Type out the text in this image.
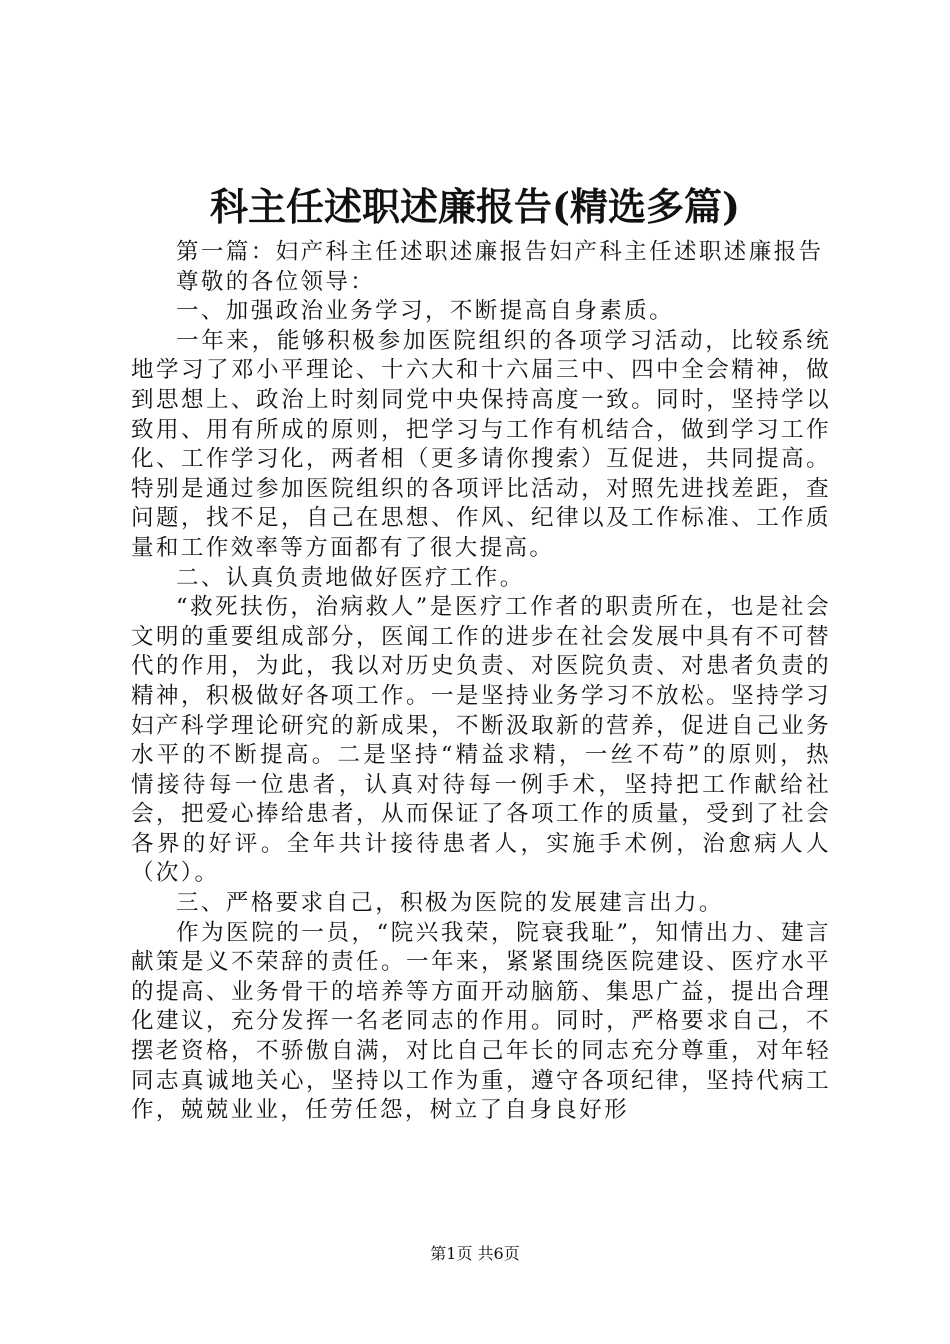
科主任述职述廉报告(精选多篇)

第一篇：妇产科主任述职述廉报告妇产科主任述职述廉报告

尊敬的各位领导：

一、加强政治业务学习，不断提高自身素质。

一年来，能够积极参加医院组织的各项学习活动，比较系统地学习了邓小平理论、十六大和十六届三中、四中全会精神，做到思想上、政治上时刻同党中央保持高度一致。同时，坚持学以致用、用有所成的原则，把学习与工作有机结合，做到学习工作化、工作学习化，两者相（更多请你搜索）互促进，共同提高。特别是通过参加医院组织的各项评比活动，对照先进找差距，查问题，找不足，自己在思想、作风、纪律以及工作标准、工作质量和工作效率等方面都有了很大提高。

二、认真负责地做好医疗工作。

“救死扶伤，治病救人”是医疗工作者的职责所在，也是社会文明的重要组成部分，医闻工作的进步在社会发展中具有不可替代的作用，为此，我以对历史负责、对医院负责、对患者负责的精神，积极做好各项工作。一是坚持业务学习不放松。坚持学习妇产科学理论研究的新成果，不断汲取新的营养，促进自己业务水平的不断提高。二是坚持“精益求精，一丝不苟”的原则，热情接待每一位患者，认真对待每一例手术，坚持把工作献给社会，把爱心捧给患者，从而保证了各项工作的质量，受到了社会各界的好评。全年共计接待患者人，实施手术例，治愈病人人（次）。

三、严格要求自己，积极为医院的发展建言出力。

作为医院的一员，“院兴我荣，院衰我耻”，知情出力、建言献策是义不荣辞的责任。一年来，紧紧围绕医院建设、医疗水平的提高、业务骨干的培养等方面开动脑筋、集思广益，提出合理化建议，充分发挥一名老同志的作用。同时，严格要求自己，不摆老资格，不骄傲自满，对比自己年长的同志充分尊重，对年轻同志真诚地关心，坚持以工作为重，遵守各项纪律，坚持代病工作，兢兢业业，任劳任怨，树立了自身良好形

第1页 共6页
